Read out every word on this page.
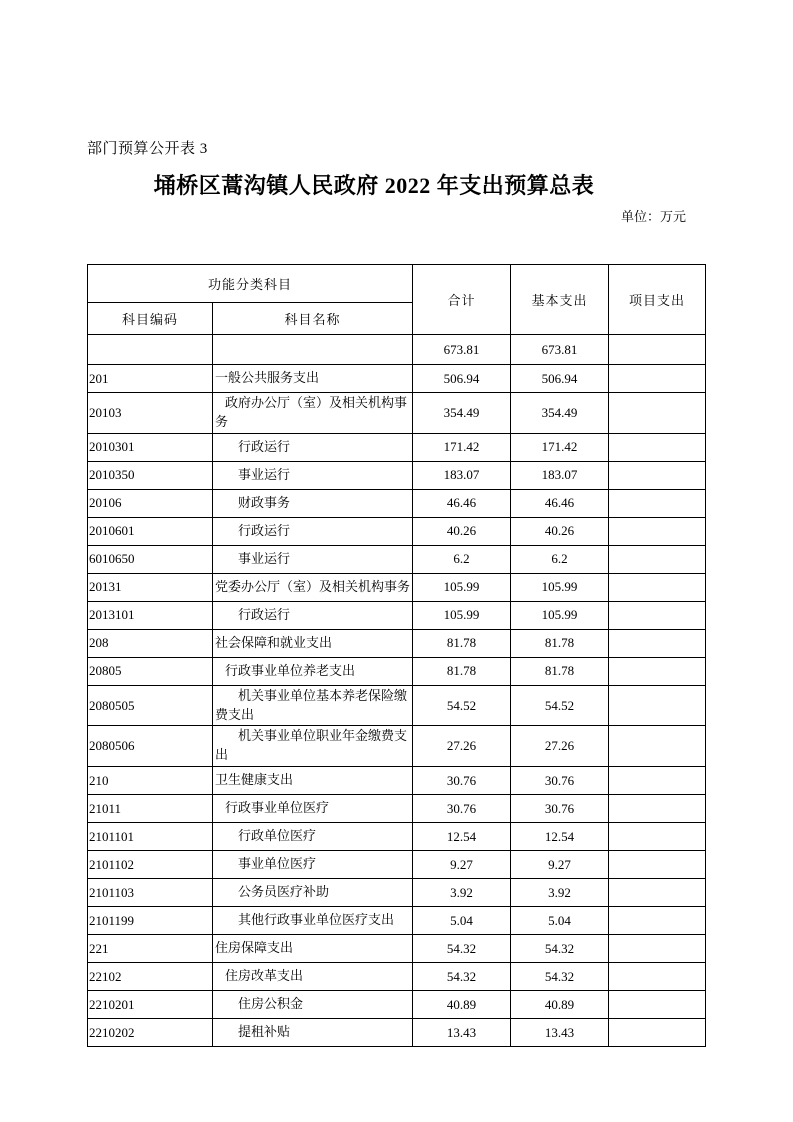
部门预算公开表 3
埇桥区蒿沟镇人民政府 2022 年支出预算总表
单位：万元
功能分类科目		合计	基本支出	项目支出
科目编码	科目名称			
		673.81	673.81	
201	一般公共服务支出	506.94	506.94	
20103	政府办公厅（室）及相关机构事务	354.49	354.49	
2010301	行政运行	171.42	171.42	
2010350	事业运行	183.07	183.07	
20106	财政事务	46.46	46.46	
2010601	行政运行	40.26	40.26	
6010650	事业运行	6.2	6.2	
20131	党委办公厅（室）及相关机构事务	105.99	105.99	
2013101	行政运行	105.99	105.99	
208	社会保障和就业支出	81.78	81.78	
20805	行政事业单位养老支出	81.78	81.78	
2080505	机关事业单位基本养老保险缴费支出	54.52	54.52	
2080506	机关事业单位职业年金缴费支出	27.26	27.26	
210	卫生健康支出	30.76	30.76	
21011	行政事业单位医疗	30.76	30.76	
2101101	行政单位医疗	12.54	12.54	
2101102	事业单位医疗	9.27	9.27	
2101103	公务员医疗补助	3.92	3.92	
2101199	其他行政事业单位医疗支出	5.04	5.04	
221	住房保障支出	54.32	54.32	
22102	住房改革支出	54.32	54.32	
2210201	住房公积金	40.89	40.89	
2210202	提租补贴	13.43	13.43	
